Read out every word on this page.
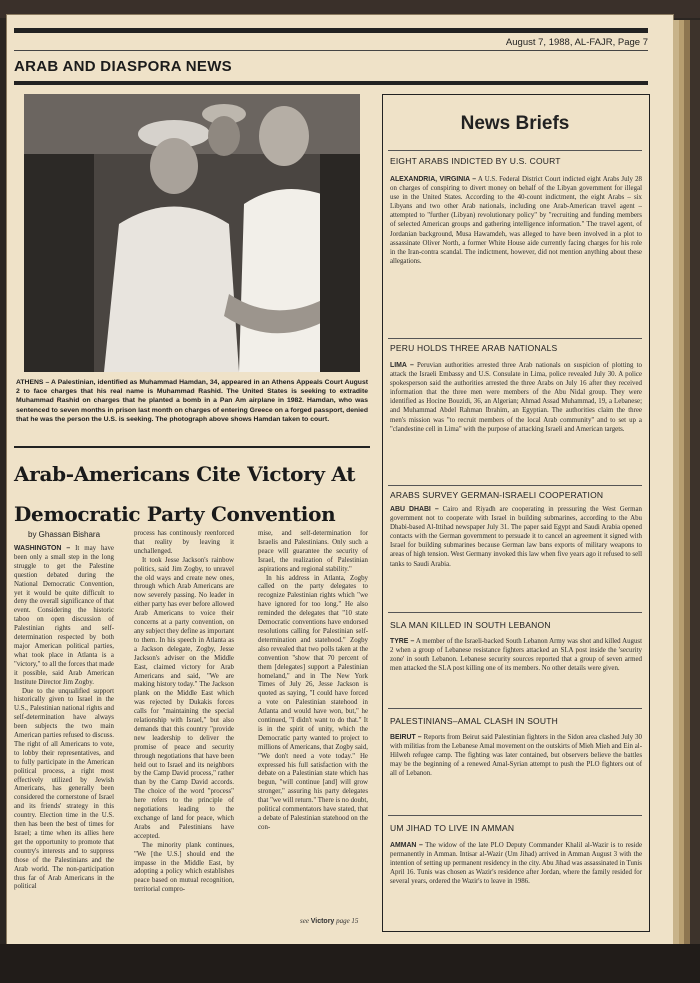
August 7, 1988, AL-FAJR, Page 7
ARAB AND DIASPORA NEWS
ATHENS – A Palestinian, identified as Muhammad Hamdan, 34, appeared in an Athens Appeals Court August 2 to face charges that his real name is Muhammad Rashid. The United States is seeking to extradite Muhammad Rashid on charges that he planted a bomb in a Pan Am airplane in 1982. Hamdan, who was sentenced to seven months in prison last month on charges of entering Greece on a forged passport, denied that he was the person the U.S. is seeking. The photograph above shows Hamdan taken to court.
Arab-Americans Cite Victory At Democratic Party Convention
by Ghassan Bishara
WASHINGTON – It may have been only a small step in the long struggle to get the Palestine question debated during the National Democratic Convention, yet it would be quite difficult to deny the overall significance of that event. Considering the historic taboo on open discussion of Palestinian rights and self-determination respected by both major American political parties, what took place in Atlanta is a "victory," to all the forces that made it possible, said Arab American Institute Director Jim Zogby.

Due to the unqualified support historically given to Israel in the U.S., Palestinian national rights and self-determination have always been subjects the two main American parties refused to discuss. The right of all Americans to vote, to lobby their representatives, and to fully participate in the American political process, a right most effectively utilized by Jewish Americans, has generally been considered the cornerstone of Israel and its friends' strategy in this country. Election time in the U.S. then has been the best of times for Israel; a time when its allies here get the opportunity to promote that country's interests and to suppress those of the Palestinians and the Arab world. The non-participation thus far of Arab Americans in the political

process has continously reenforced that reality by leaving it unchallenged.

It took Jesse Jackson's rainbow politics, said Jim Zogby, to unravel the old ways and create new ones, through which Arab Americans are now severely passing. No leader in either party has ever before allowed Arab Americans to voice their concerns at a party convention, on any subject they define as important to them. In his speech in Atlanta as a Jackson delegate, Zogby, Jesse Jackson's adviser on the Middle East, claimed victory for Arab Americans and said, "We are making history today." The Jackson plank on the Middle East which was rejected by Dukakis forces calls for "maintaining the special relationship with Israel," but also demands that this country "provide new leadership to deliver the promise of peace and security through negotiations that have been held out to Israel and its neighbors by the Camp David process," rather than by the Camp David accords. The choice of the word "process" here refers to the principle of negotiations leading to the exchange of land for peace, which Arabs and Palestinians have accepted.

The minority plank continues, "We [the U.S.] should end the impasse in the Middle East, by adopting a policy which establishes peace based on mutual recognition, territorial compro-

mise, and self-determination for Israelis and Palestinians. Only such a peace will guarantee the security of Israel, the realization of Palestinian aspirations and regional stability."

In his address in Atlanta, Zogby called on the party delegates to recognize Palestinian rights which "we have ignored for too long." He also reminded the delegates that "10 state Democratic conventions have endorsed resolutions calling for Palestinian self-determination and statehood." Zogby also revealed that two polls taken at the convention "show that 70 percent of them [delegates] support a Palestinian homeland," and in The New York Times of July 26, Jesse Jackson is quoted as saying, "I could have forced a vote on Palestinian statehood in Atlanta and would have won, but," he continued, "I didn't want to do that." It is in the spirit of unity, which the Democratic party wanted to project to millions of Americans, that Zogby said, "We don't need a vote today." He expressed his full satisfaction with the debate on a Palestinian state which has begun, "will continue [and] will grow stronger," assuring his party delegates that "we will return." There is no doubt, political commentators have stated, that a debate of Palestinian statehood on the con-

see Victory page 15
News Briefs
EIGHT ARABS INDICTED BY U.S. COURT
ALEXANDRIA, VIRGINIA – A U.S. Federal District Court indicted eight Arabs July 28 on charges of conspiring to divert money on behalf of the Libyan government for illegal use in the United States. According to the 40-count indictment, the eight Arabs – six Libyans and two other Arab nationals, including one Arab-American travel agent – attempted to "further (Libyan) revolutionary policy" by "recruiting and funding members of selected American groups and gathering intelligence information." The travel agent, of Jordanian background, Musa Hawamdeh, was alleged to have been involved in a plot to assassinate Oliver North, a former White House aide currently facing charges for his role in the Iran-contra scandal. The indictment, however, did not mention anything about these allegations.
PERU HOLDS THREE ARAB NATIONALS
LIMA – Peruvian authorities arrested three Arab nationals on suspicion of plotting to attack the Israeli Embassy and U.S. Consulate in Lima, police revealed July 30. A police spokesperson said the authorities arrested the three Arabs on July 16 after they received information that the three men were members of the Abu Nidal group. They were identified as Hocine Bouzidi, 36, an Algerian; Ahmad Assad Muhammad, 19, a Lebanese; and Muhammad Abdel Rahman Ibrahim, an Egyptian. The authorities claim the three men's mission was "to recruit members of the local Arab community" and to set up a "clandestine cell in Lima" with the purpose of attacking Israeli and American targets.
ARABS SURVEY GERMAN-ISRAELI COOPERATION
ABU DHABI – Cairo and Riyadh are cooperating in pressuring the West German government not to cooperate with Israel in building submarines, according to the Abu Dhabi-based Al-Ittihad newspaper July 31. The paper said Egypt and Saudi Arabia opened contacts with the German government to persuade it to cancel an agreement it signed with Israel for building submarines because German law bans exports of military weapons to areas of high tension. West Germany invoked this law when five years ago it refused to sell tanks to Saudi Arabia.
SLA MAN KILLED IN SOUTH LEBANON
TYRE – A member of the Israeli-backed South Lebanon Army was shot and killed August 2 when a group of Lebanese resistance fighters attacked an SLA post inside the 'security zone' in south Lebanon. Lebanese security sources reported that a group of seven armed men attacked the SLA post killing one of its members. No other details were given.
PALESTINIANS–AMAL CLASH IN SOUTH
BEIRUT – Reports from Beirut said Palestinian fighters in the Sidon area clashed July 30 with militias from the Lebanese Amal movement on the outskirts of Mieh Mieh and Ein al-Hilweh refugee camp. The fighting was later contained, but observers believe the battles may be the beginning of a renewed Amal-Syrian attempt to push the PLO fighters out of all of Lebanon.
UM JIHAD TO LIVE IN AMMAN
AMMAN – The widow of the late PLO Deputy Commander Khalil al-Wazir is to reside permanently in Amman. Intisar al-Wazir (Um Jihad) arrived in Amman August 3 with the intention of setting up permanent residency in the city. Abu Jihad was assassinated in Tunis April 16. Tunis was chosen as Wazir's residence after Jordan, where the family resided for several years, ordered the Wazir's to leave in 1986.
